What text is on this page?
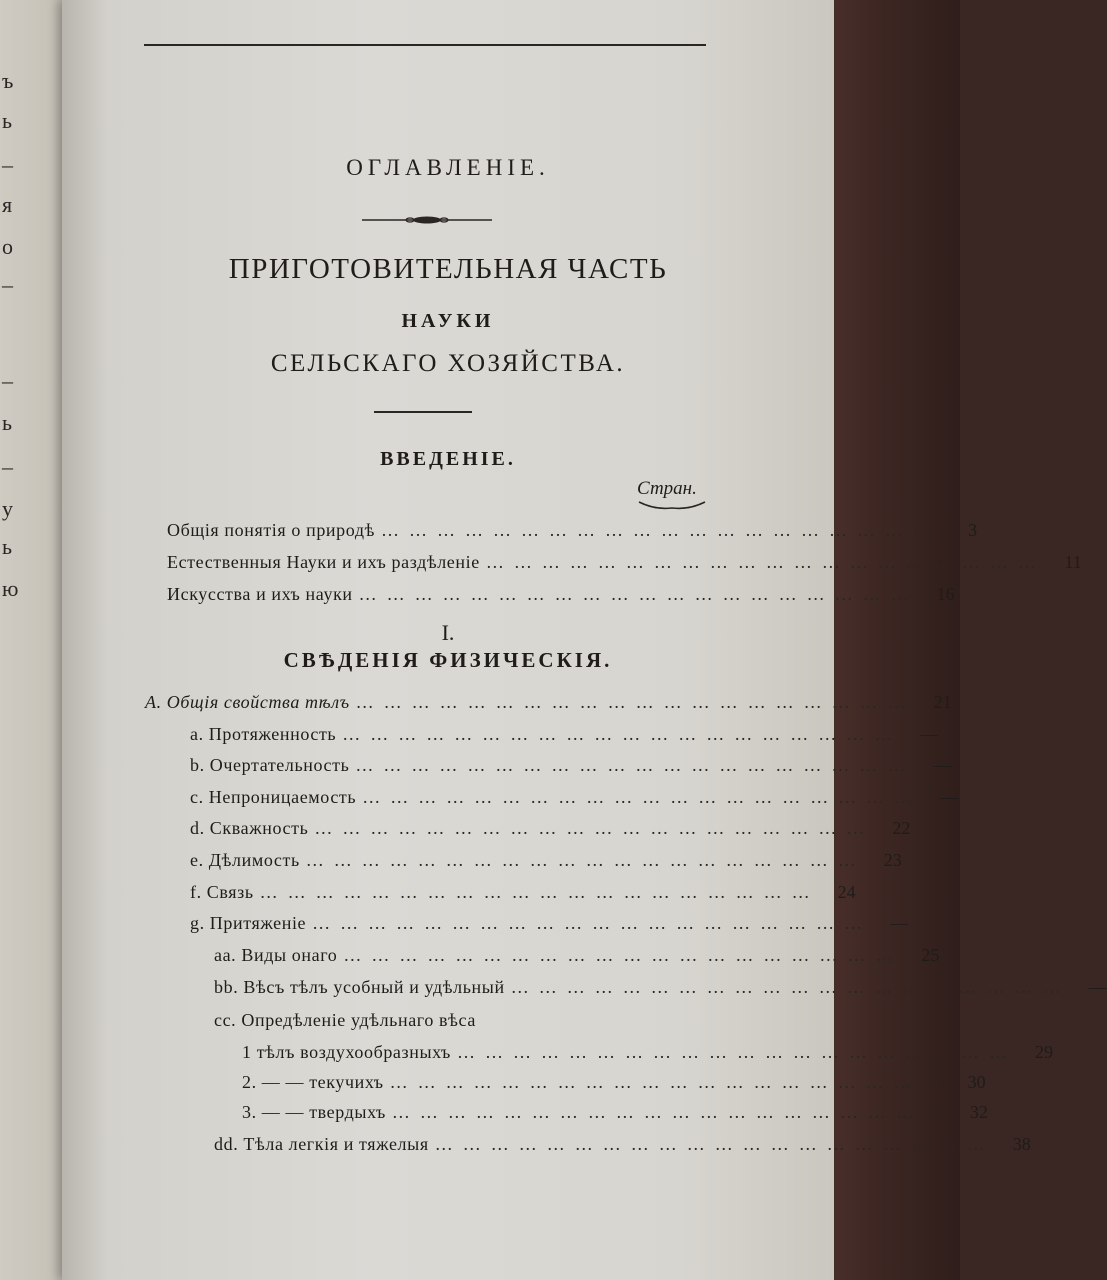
ъ
ь
–
я
о
–
–
ь
–
у
ь
ю
ОГЛАВЛЕНIЕ.
ПРИГОТОВИТЕЛЬНАЯ ЧАСТЬ
НАУКИ
СЕЛЬСКАГО ХОЗЯЙСТВА.
ВВЕДЕНIЕ.
Стран.
Общiя понятiя о природѣ ……………………………………………………	3
Естественныя Науки и ихъ раздѣленiе ……………………………………………………	11
Искусства и ихъ науки ……………………………………………………	16
I.
СВѢДЕНIЯ ФИЗИЧЕСКIЯ.
А. Общiя свойства тѣлъ ……………………………………………………	21
a. Протяженность ……………………………………………………	—
b. Очертательность ……………………………………………………	—
c. Непроницаемость ……………………………………………………	—
d. Скважность ……………………………………………………	22
e. Дѣлимость ……………………………………………………	23
f. Связь ……………………………………………………	24
g. Притяженiе ……………………………………………………	—
aa. Виды онаго ……………………………………………………	25
bb. Вѣсъ тѣлъ усобный и удѣльный ……………………………………………………	—
cc. Опредѣленiе удѣльнаго вѣса
1 тѣлъ воздухообразныхъ ……………………………………………………	29
2. — — текучихъ ……………………………………………………	30
3. — — твердыхъ ……………………………………………………	32
dd. Тѣла легкiя и тяжелыя ……………………………………………………	38
